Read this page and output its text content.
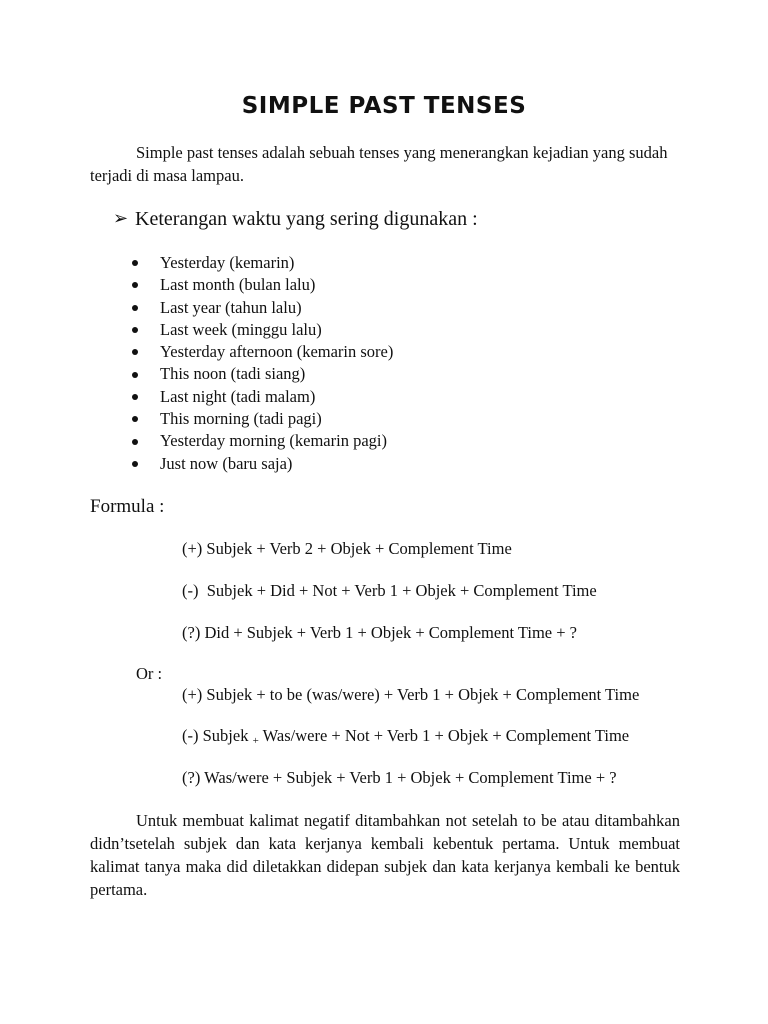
SIMPLE PAST TENSES

Simple past tenses adalah sebuah tenses yang menerangkan kejadian yang sudah terjadi di masa lampau.

➢ Keterangan waktu yang sering digunakan :
Yesterday (kemarin)
Last month (bulan lalu)
Last year (tahun lalu)
Last week (minggu lalu)
Yesterday afternoon (kemarin sore)
This noon (tadi siang)
Last night (tadi malam)
This morning (tadi pagi)
Yesterday morning (kemarin pagi)
Just now (baru saja)
Formula :
(+) Subjek + Verb 2 + Objek + Complement Time
(-)  Subjek + Did + Not + Verb 1 + Objek + Complement Time
(?) Did + Subjek + Verb 1 + Objek + Complement Time + ?
Or :
(+) Subjek + to be (was/were) + Verb 1 + Objek + Complement Time
(-) Subjek + Was/were + Not + Verb 1 + Objek + Complement Time
(?) Was/were + Subjek + Verb 1 + Objek + Complement Time + ?

Untuk membuat kalimat negatif ditambahkan not setelah to be atau ditambahkan didn’tsetelah subjek dan kata kerjanya kembali kebentuk pertama. Untuk membuat kalimat tanya maka did diletakkan didepan subjek dan kata kerjanya kembali ke bentuk pertama.
